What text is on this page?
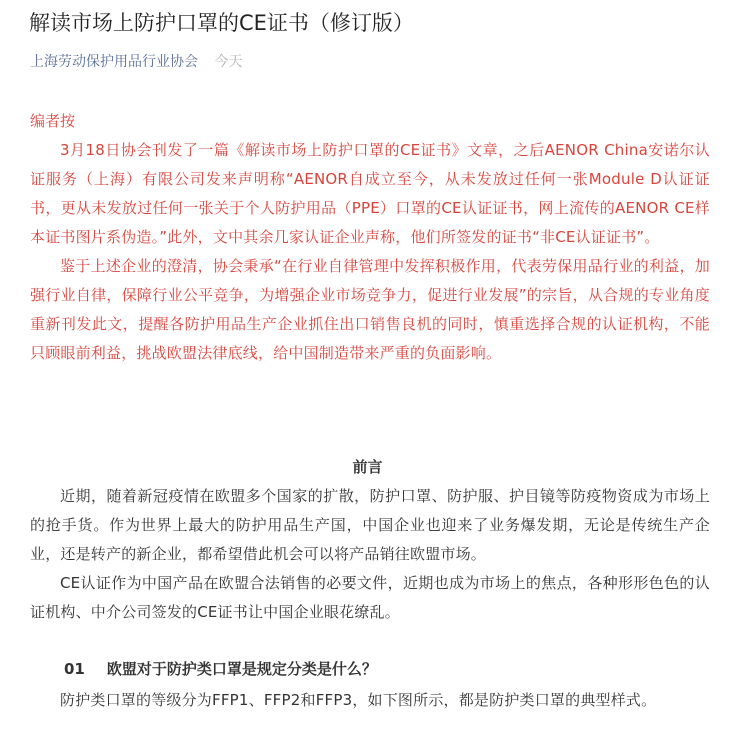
解读市场上防护口罩的CE证书（修订版）
上海劳动保护用品行业协会 今天
编者按

3月18日协会刊发了一篇《解读市场上防护口罩的CE证书》文章，之后AENOR China安诺尔认证服务（上海）有限公司发来声明称“AENOR自成立至今，从未发放过任何一张Module D认证证书，更从未发放过任何一张关于个人防护用品（PPE）口罩的CE认证证书，网上流传的AENOR CE样本证书图片系伪造。”此外，文中其余几家认证企业声称，他们所签发的证书“非CE认证证书”。

鉴于上述企业的澄清，协会秉承“在行业自律管理中发挥积极作用，代表劳保用品行业的利益，加强行业自律，保障行业公平竞争，为增强企业市场竞争力，促进行业发展”的宗旨，从合规的专业角度重新刊发此文，提醒各防护用品生产企业抓住出口销售良机的同时，慎重选择合规的认证机构，不能只顾眼前利益，挑战欧盟法律底线，给中国制造带来严重的负面影响。

前言

近期，随着新冠疫情在欧盟多个国家的扩散，防护口罩、防护服、护目镜等防疫物资成为市场上的抢手货。作为世界上最大的防护用品生产国，中国企业也迎来了业务爆发期，无论是传统生产企业，还是转产的新企业，都希望借此机会可以将产品销往欧盟市场。

CE认证作为中国产品在欧盟合法销售的必要文件，近期也成为市场上的焦点，各种形形色色的认证机构、中介公司签发的CE证书让中国企业眼花缭乱。

01 欧盟对于防护类口罩是规定分类是什么？

防护类口罩的等级分为FFP1、FFP2和FFP3，如下图所示，都是防护类口罩的典型样式。
